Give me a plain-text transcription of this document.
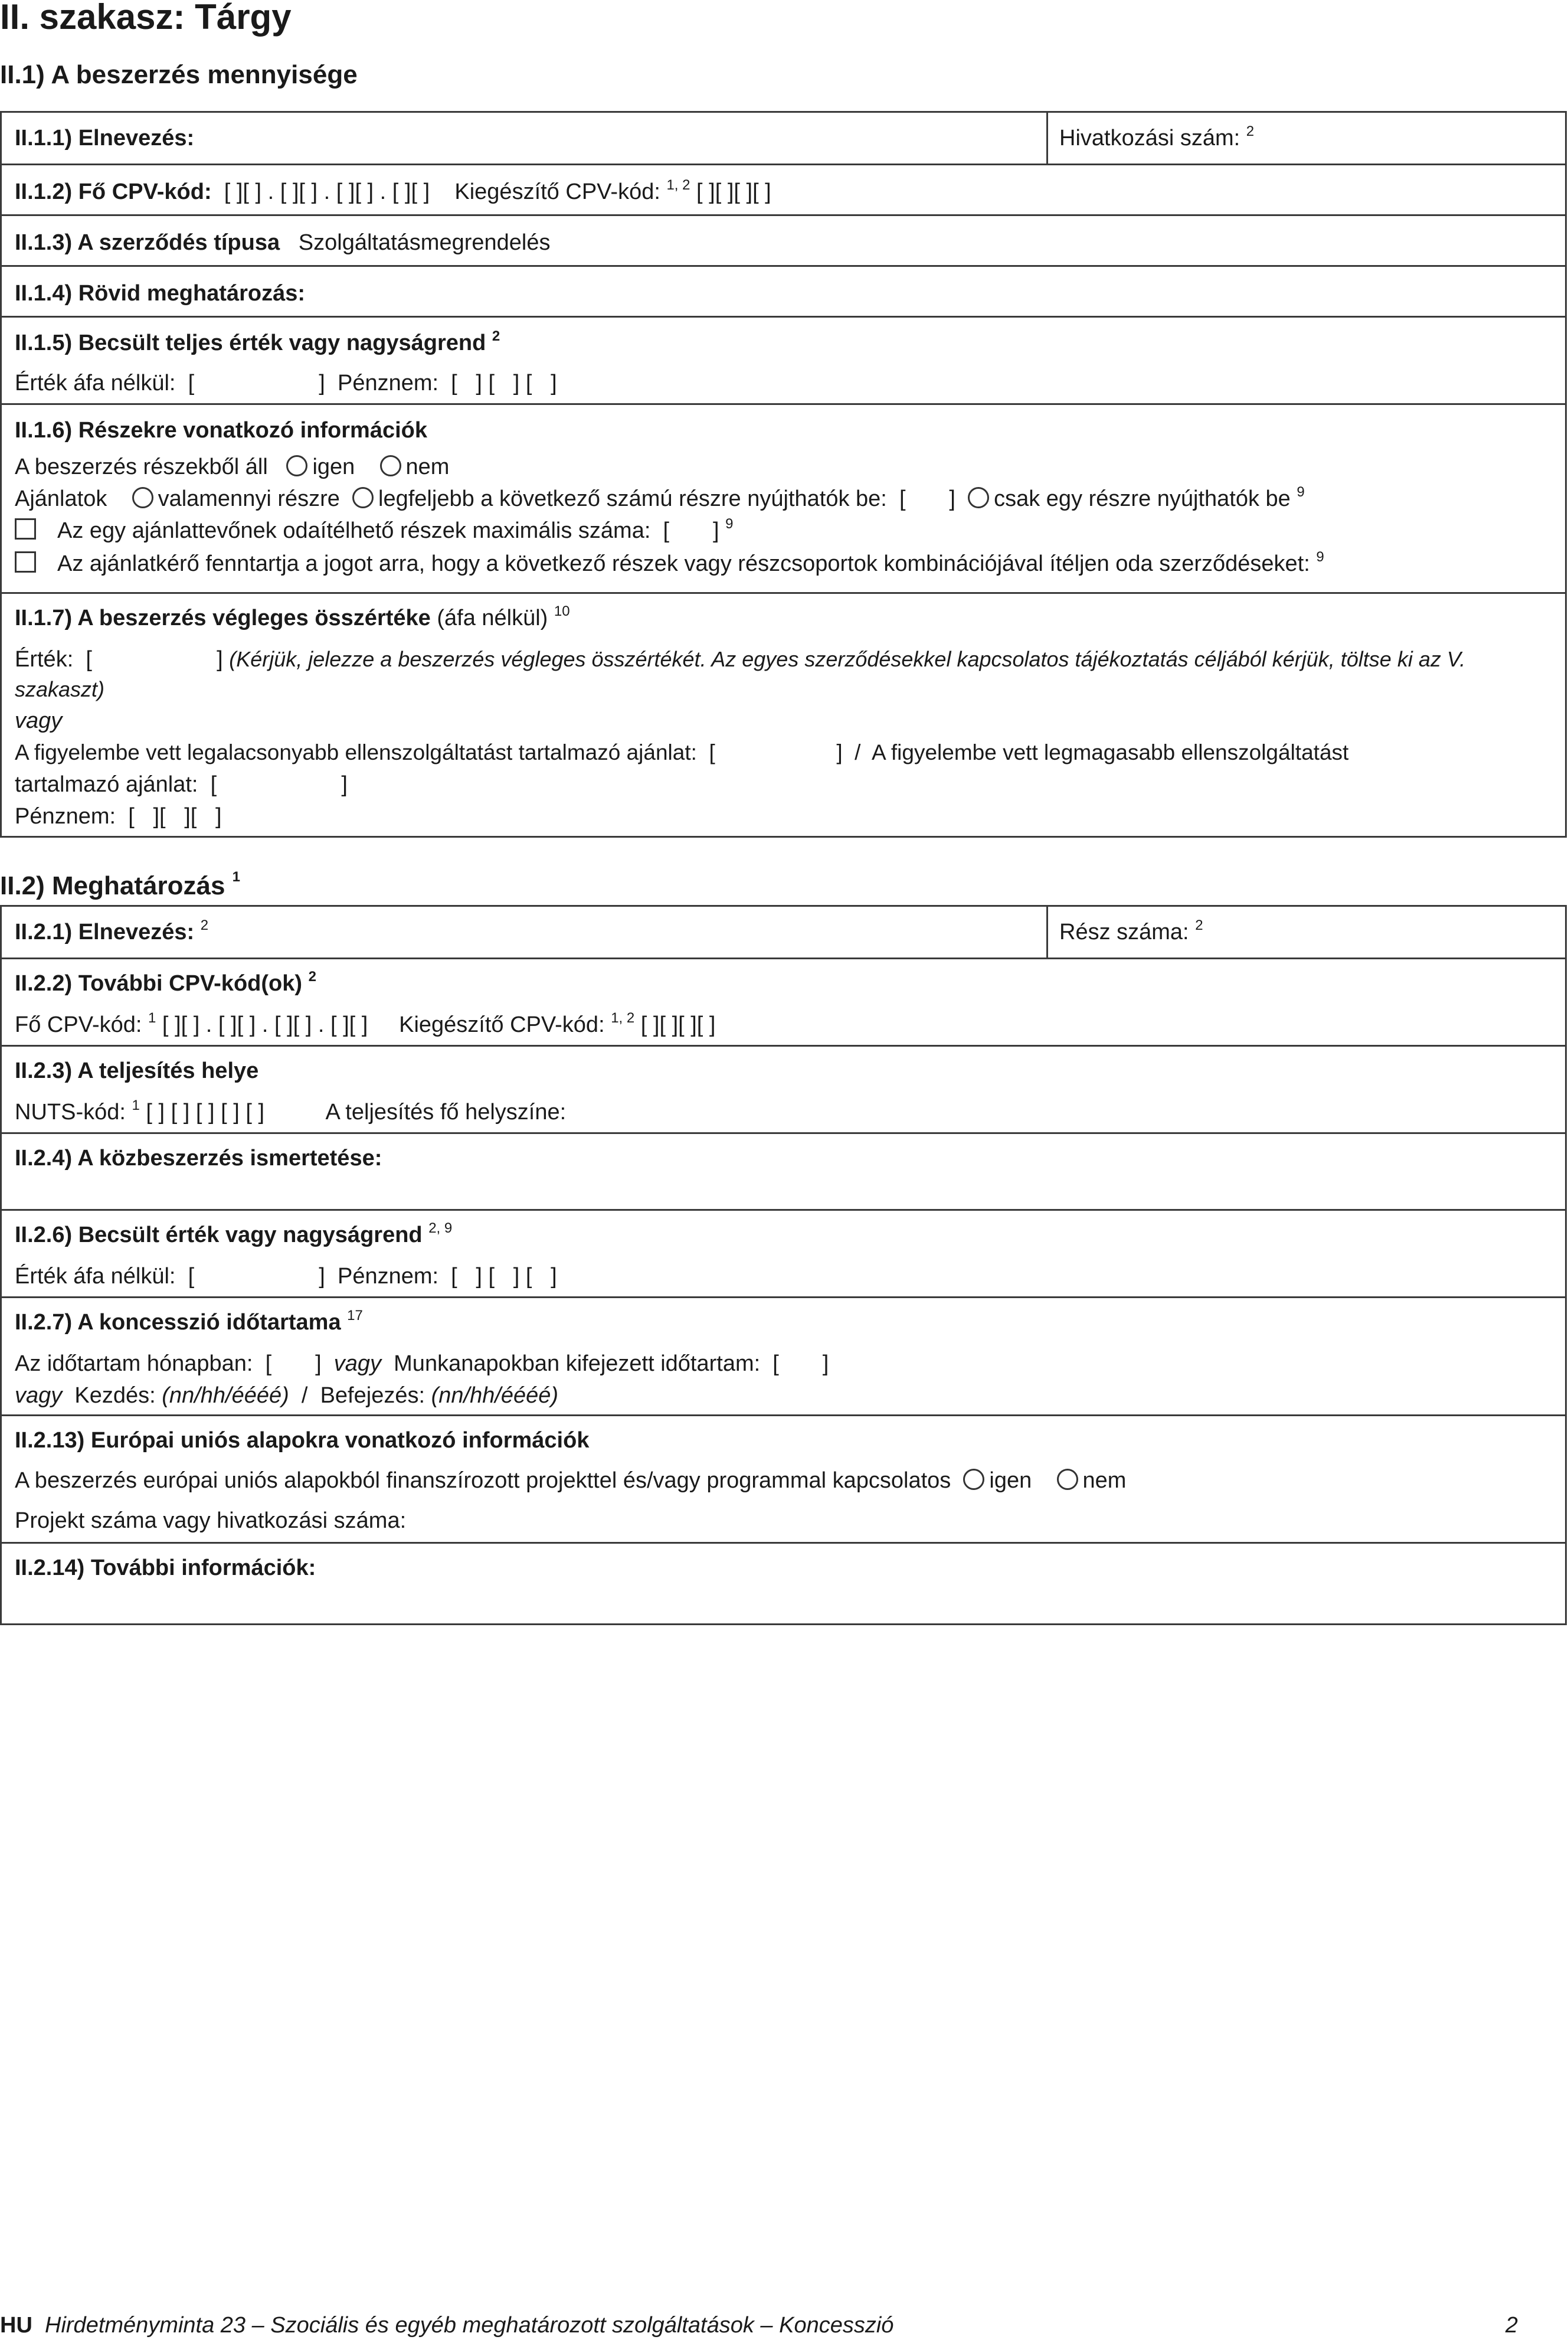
II. szakasz: Tárgy
II.1) A beszerzés mennyisége
II.1.1) Elnevezés:	Hivatkozási szám: $^2$
II.1.2) Fő CPV-kód: [ ][ ] . [ ][ ] . [ ][ ] . [ ][ ] Kiegészítő CPV-kód: $^{1, 2}$ [ ][ ][ ][ ]
II.1.3) A szerződés típusa Szolgáltatásmegrendelés
II.1.4) Rövid meghatározás:
II.1.5) Becsült teljes érték vagy nagyságrend $^2$
Érték áfa nélkül:  [                    ]  Pénznem:  [   ] [   ] [   ]
II.1.6) Részekre vonatkozó információk
A beszerzés részekből áll igen nem
Ajánlatok valamennyi részre legfeljebb a következő számú részre nyújthatók be:  [       ] csak egy részre nyújthatók be $^9$
Az egy ajánlattevőnek odaítélhető részek maximális száma:  [       ] $^9$
Az ajánlatkérő fenntartja a jogot arra, hogy a következő részek vagy részcsoportok kombinációjával ítéljen oda szerződéseket: $^9$
II.1.7) A beszerzés végleges összértéke (áfa nélkül) $^{10}$
Érték:  [                    ] (Kérjük, jelezze a beszerzés végleges összértékét. Az egyes szerződésekkel kapcsolatos tájékoztatás céljából kérjük, töltse ki az V.
szakaszt)
vagy
A figyelembe vett legalacsonyabb ellenszolgáltatást tartalmazó ajánlat:  [                    ]  /  A figyelembe vett legmagasabb ellenszolgáltatást
tartalmazó ajánlat:  [                    ]
Pénznem:  [   ][   ][   ]
II.2) Meghatározás $^1$
II.2.1) Elnevezés: $^2$	Rész száma: $^2$
II.2.2) További CPV-kód(ok) $^2$
Fő CPV-kód: $^1$ [ ][ ] . [ ][ ] . [ ][ ] . [ ][ ] Kiegészítő CPV-kód: $^{1, 2}$ [ ][ ][ ][ ]
II.2.3) A teljesítés helye
NUTS-kód: $^1$ [ ] [ ] [ ] [ ] [ ]	A teljesítés fő helyszíne:
II.2.4) A közbeszerzés ismertetése:
II.2.6) Becsült érték vagy nagyságrend $^{2, 9}$
Érték áfa nélkül:  [                    ]  Pénznem:  [   ] [   ] [   ]
II.2.7) A koncesszió időtartama $^{17}$
Az időtartam hónapban:  [       ] vagy Munkanapokban kifejezett időtartam:  [       ]
vagy Kezdés: (nn/hh/éééé)  /  Befejezés: (nn/hh/éééé)
II.2.13) Európai uniós alapokra vonatkozó információk
A beszerzés európai uniós alapokból finanszírozott projekttel és/vagy programmal kapcsolatos igen nem
Projekt száma vagy hivatkozási száma:
II.2.14) További információk:
HU Hirdetményminta 23 – Szociális és egyéb meghatározott szolgáltatások – Koncesszió	2
